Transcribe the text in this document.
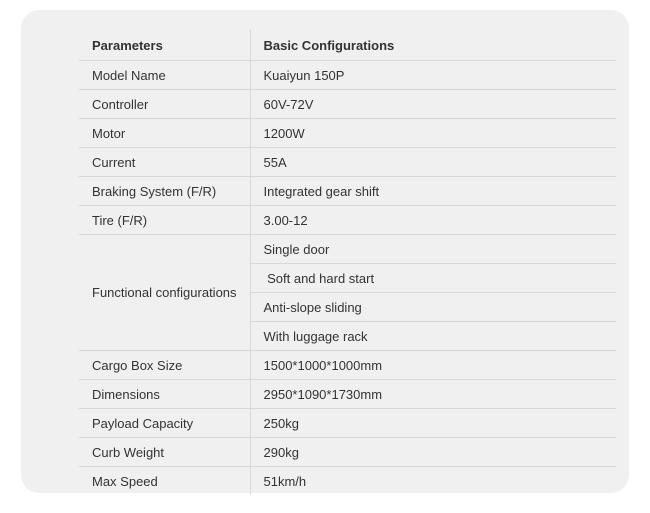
Parameters	Basic Configurations
Model Name	Kuaiyun 150P
Controller	60V-72V
Motor	1200W
Current	55A
Braking System (F/R)	Integrated gear shift
Tire (F/R)	3.00-12
Functional configurations	Single door
	Soft and hard start
	Anti-slope sliding
	With luggage rack
Cargo Box Size	1500*1000*1000mm
Dimensions	2950*1090*1730mm
Payload Capacity	250kg
Curb Weight	290kg
Max Speed	51km/h
